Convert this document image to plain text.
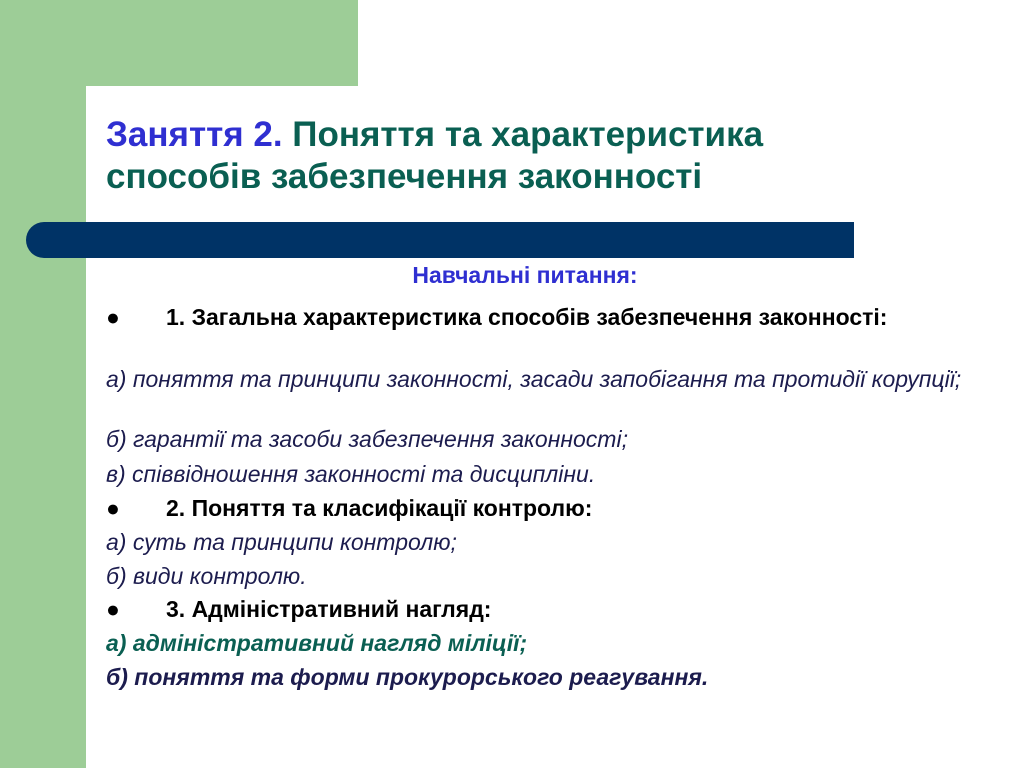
Заняття 2. Поняття та характеристика способів забезпечення законності

Навчальні питання:

●	1. Загальна характеристика способів забезпечення законності:
а) поняття та принципи законності, засади запобігання та протидії корупції;
б) гарантії та засоби забезпечення законності;
в) співвідношення законності та дисципліни.
●	2. Поняття та класифікації контролю:
а) суть та принципи контролю;
б) види контролю.
●	3. Адміністративний нагляд:
а) адміністративний нагляд міліції;
б) поняття та форми прокурорського реагування.
